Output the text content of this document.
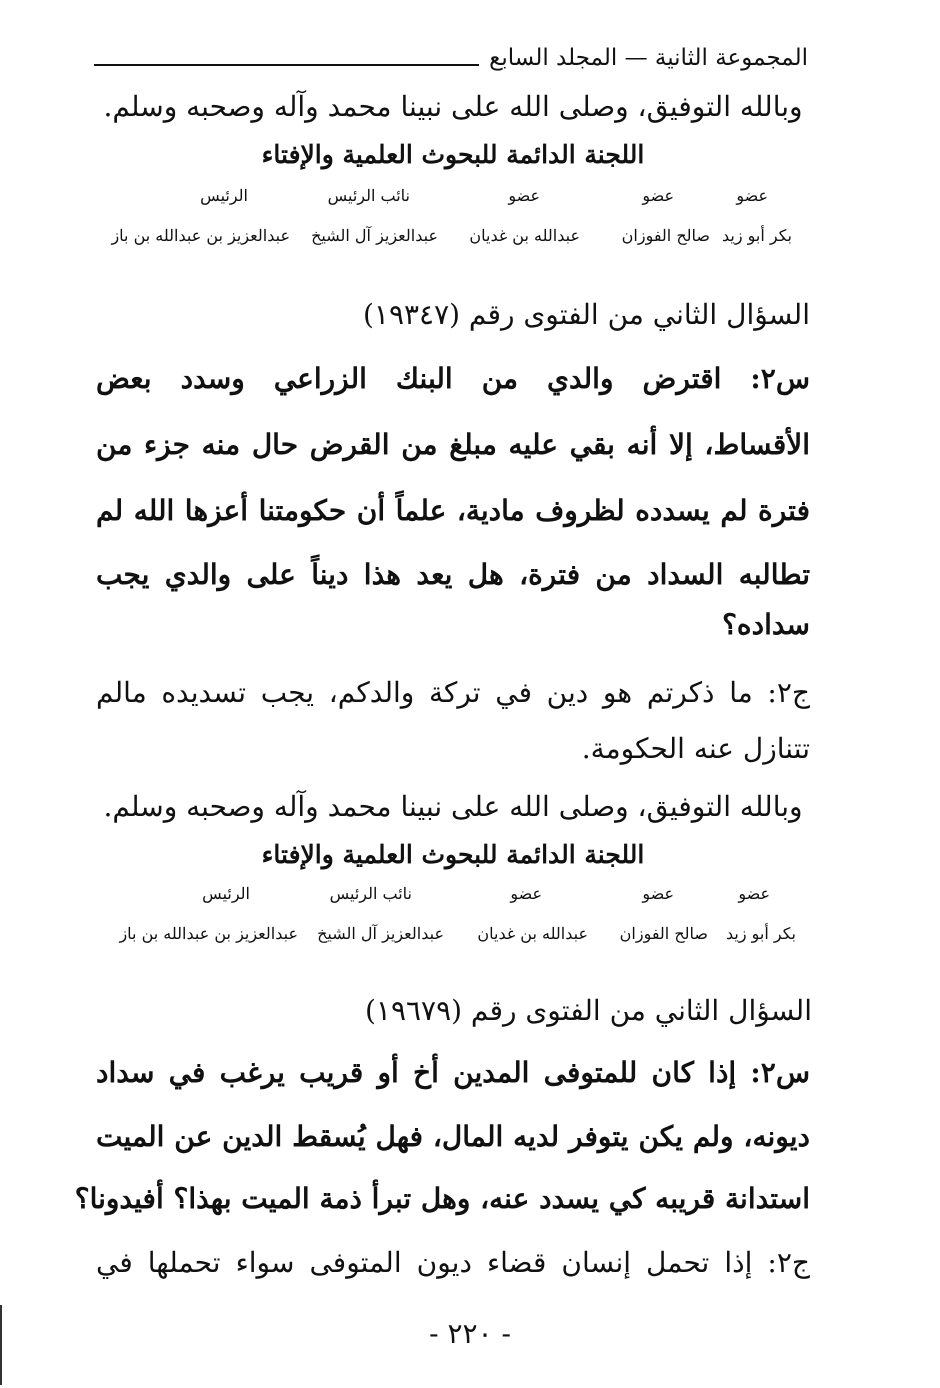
المجموعة الثانية — المجلد السابع
وبالله التوفيق، وصلى الله على نبينا محمد وآله وصحبه وسلم.
اللجنة الدائمة للبحوث العلمية والإفتاء
عضو
عضو
عضو
نائب الرئيس
الرئيس
بكر أبو زيد
صالح الفوزان
عبدالله بن غديان
عبدالعزيز آل الشيخ
عبدالعزيز بن عبدالله بن باز
السؤال الثاني من الفتوى رقم (١٩٣٤٧)
س٢: اقترض والدي من البنك الزراعي وسدد بعض
الأقساط، إلا أنه بقي عليه مبلغ من القرض حال منه جزء من
فترة لم يسدده لظروف مادية، علماً أن حكومتنا أعزها الله لم
تطالبه السداد من فترة، هل يعد هذا ديناً على والدي يجب
سداده؟
ج٢: ما ذكرتم هو دين في تركة والدكم، يجب تسديده مالم
تتنازل عنه الحكومة.
وبالله التوفيق، وصلى الله على نبينا محمد وآله وصحبه وسلم.
اللجنة الدائمة للبحوث العلمية والإفتاء
عضو
عضو
عضو
نائب الرئيس
الرئيس
بكر أبو زيد
صالح الفوزان
عبدالله بن غديان
عبدالعزيز آل الشيخ
عبدالعزيز بن عبدالله بن باز
السؤال الثاني من الفتوى رقم (١٩٦٧٩)
س٢: إذا كان للمتوفى المدين أخ أو قريب يرغب في سداد
ديونه، ولم يكن يتوفر لديه المال، فهل يُسقط الدين عن الميت
استدانة قريبه كي يسدد عنه، وهل تبرأ ذمة الميت بهذا؟ أفيدونا؟
ج٢: إذا تحمل إنسان قضاء ديون المتوفى سواء تحملها في
- ٢٢٠ -
